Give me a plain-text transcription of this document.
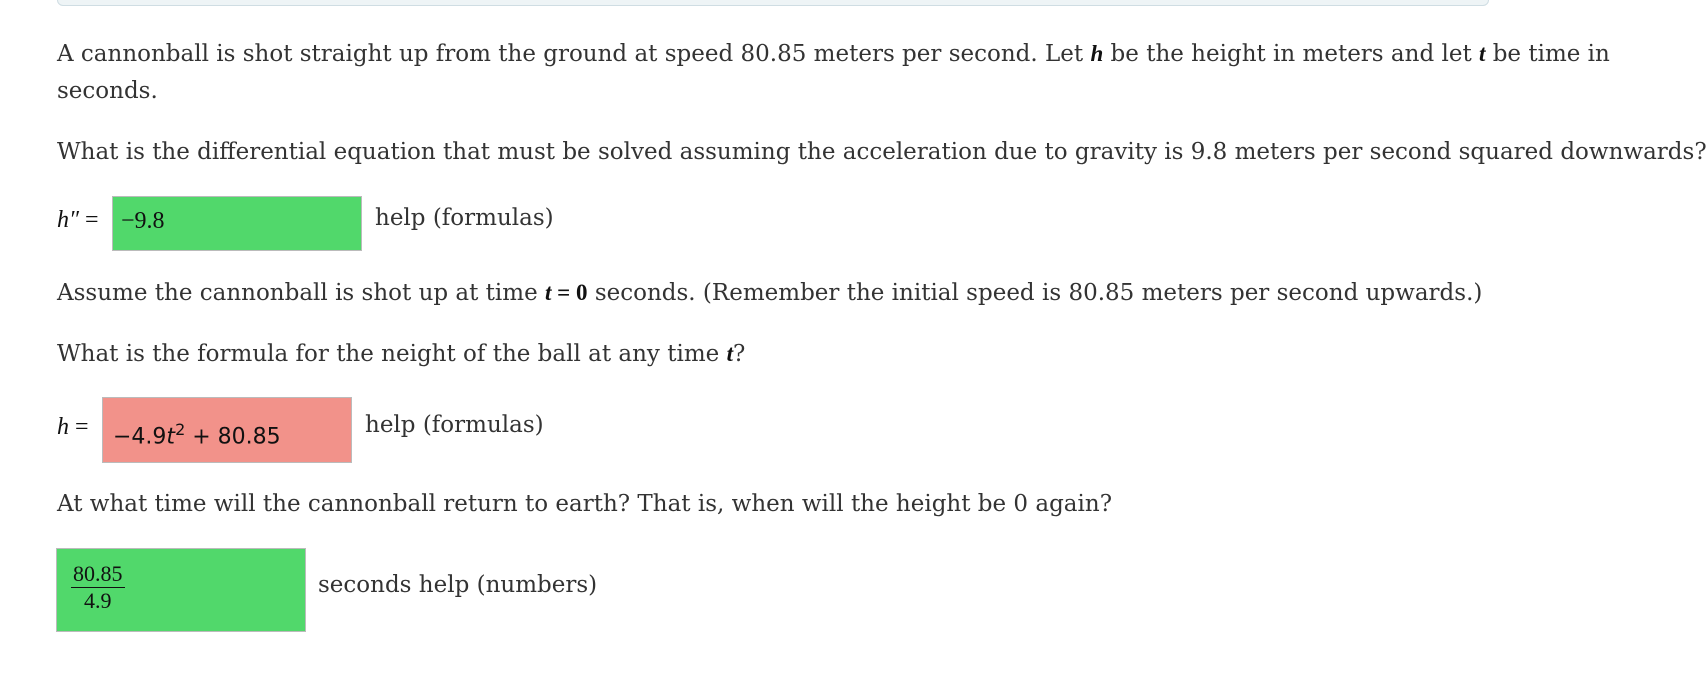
A cannonball is shot straight up from the ground at speed 80.85 meters per second. Let h be the height in meters and let t be time in

seconds.

What is the differential equation that must be solved assuming the acceleration due to gravity is 9.8 meters per second squared downwards?

h″ = −9.8	help (formulas)

Assume the cannonball is shot up at time t = 0 seconds. (Remember the initial speed is 80.85 meters per second upwards.)

What is the formula for the neight of the ball at any time t?

h =	$-4.9t^2 + 80.85$	help (formulas)

At what time will the cannonball return to earth? That is, when will the height be 0 again?

$\frac{80.85}{4.9}$	seconds help (numbers)
